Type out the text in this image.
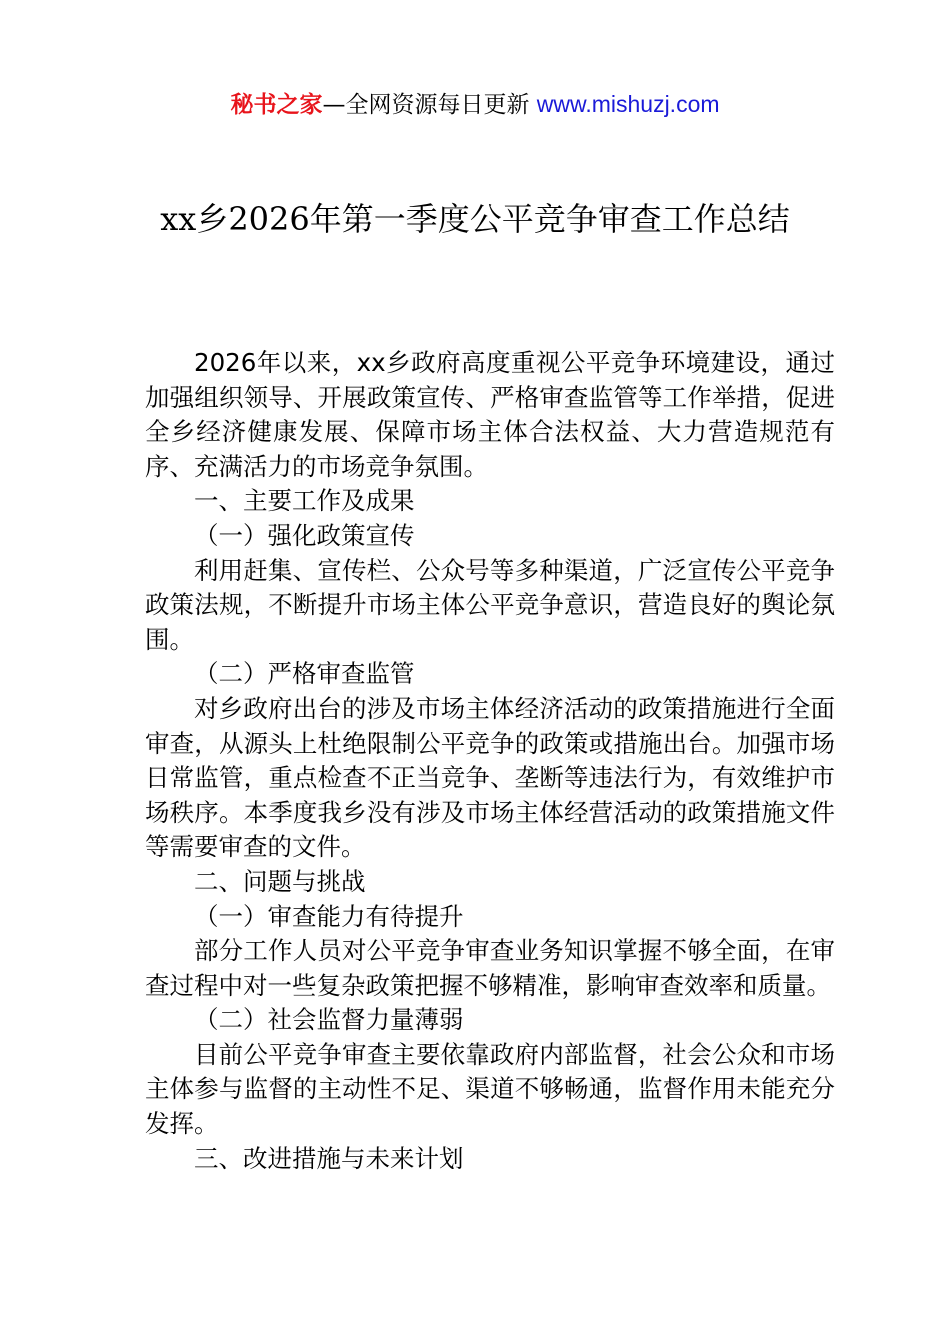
秘书之家—全网资源每日更新 www.mishuzj.com
xx乡2026年第一季度公平竞争审查工作总结

2026年以来，xx乡政府高度重视公平竞争环境建设，通过加强组织领导、开展政策宣传、严格审查监管等工作举措，促进全乡经济健康发展、保障市场主体合法权益、大力营造规范有序、充满活力的市场竞争氛围。

一、主要工作及成果

（一）强化政策宣传

利用赶集、宣传栏、公众号等多种渠道，广泛宣传公平竞争政策法规，不断提升市场主体公平竞争意识，营造良好的舆论氛围。

（二）严格审查监管

对乡政府出台的涉及市场主体经济活动的政策措施进行全面审查，从源头上杜绝限制公平竞争的政策或措施出台。加强市场日常监管，重点检查不正当竞争、垄断等违法行为，有效维护市场秩序。本季度我乡没有涉及市场主体经营活动的政策措施文件等需要审查的文件。

二、问题与挑战

（一）审查能力有待提升

部分工作人员对公平竞争审查业务知识掌握不够全面，在审查过程中对一些复杂政策把握不够精准，影响审查效率和质量。

（二）社会监督力量薄弱

目前公平竞争审查主要依靠政府内部监督，社会公众和市场主体参与监督的主动性不足、渠道不够畅通，监督作用未能充分发挥。

三、改进措施与未来计划
